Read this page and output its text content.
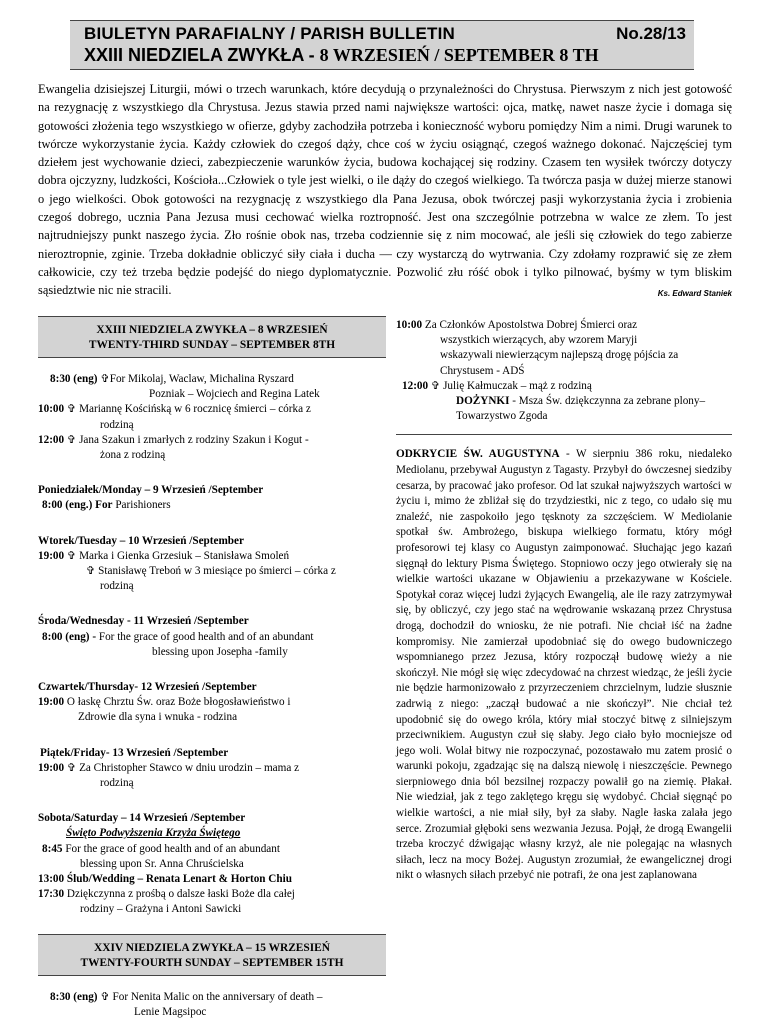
BIULETYN PARAFIALNY / PARISH BULLETIN	No.28/13
XXIII NIEDZIELA ZWYKŁA - 8 WRZESIEŃ / SEPTEMBER 8 TH
Ewangelia dzisiejszej Liturgii, mówi o trzech warunkach, które decydują o przynależności do Chrystusa. Pierwszym z nich jest gotowość na rezygnację z wszystkiego dla Chrystusa. Jezus stawia przed nami największe wartości: ojca, matkę, nawet nasze życie i domaga się gotowości złożenia tego wszystkiego w ofierze, gdyby zachodziła potrzeba i konieczność wyboru pomiędzy Nim a nimi. Drugi warunek to twórcze wykorzystanie życia. Każdy człowiek do czegoś dąży, chce coś w życiu osiągnąć, czegoś ważnego dokonać. Najczęściej tym dziełem jest wychowanie dzieci, zabezpieczenie warunków życia, budowa kochającej się rodziny. Czasem ten wysiłek twórczy dotyczy dobra ojczyzny, ludzkości, Kościoła...Człowiek o tyle jest wielki, o ile dąży do czegoś wielkiego. Ta twórcza pasja w dużej mierze stanowi o jego wielkości. Obok gotowości na rezygnację z wszystkiego dla Pana Jezusa, obok twórczej pasji wykorzystania życia i zrobienia czegoś dobrego, ucznia Pana Jezusa musi cechować wielka roztropność. Jest ona szczególnie potrzebna w walce ze złem. To jest najtrudniejszy punkt naszego życia. Zło rośnie obok nas, trzeba codziennie się z nim mocować, ale jeśli się człowiek do tego zabierze nieroztropnie, zginie. Trzeba dokładnie obliczyć siły ciała i ducha — czy wystarczą do wytrwania. Czy zdołamy rozprawić się ze złem całkowicie, czy też trzeba będzie podejść do niego dyplomatycznie. Pozwolić złu róść obok i tylko pilnować, byśmy w tym bliskim sąsiedztwie nic nie stracili.	Ks. Edward Staniek
XXIII NIEDZIELA ZWYKŁA – 8 WRZESIEŃ
TWENTY-THIRD SUNDAY – SEPTEMBER 8TH
8:30 (eng) ✞For Mikolaj, Waclaw, Michalina Ryszard
Pozniak – Wojciech and Regina Latek
10:00 ✞ Mariannę Kościńską w 6 rocznicę śmierci – córka z
rodziną
12:00 ✞ Jana Szakun i zmarłych z rodziny Szakun i Kogut -
żona z rodziną
Poniedziałek/Monday – 9 Wrzesień /September
8:00 (eng.) For Parishioners
Wtorek/Tuesday – 10 Wrzesień /September
19:00 ✞ Marka i Gienka Grzesiuk – Stanisława Smoleń
✞ Stanisławę Treboń w 3 miesiące po śmierci – córka z
rodziną
Środa/Wednesday - 11 Wrzesień /September
8:00 (eng) - For the grace of good health and of an abundant
blessing upon Josepha -family
Czwartek/Thursday- 12 Wrzesień /September
19:00 O łaskę Chrztu Św. oraz Boże błogosławieństwo i
Zdrowie dla syna i wnuka - rodzina
Piątek/Friday- 13 Wrzesień /September
19:00 ✞ Za Christopher Stawco w dniu urodzin – mama z
rodziną
Sobota/Saturday – 14 Wrzesień /September
Święto Podwyższenia Krzyża Świętego
8:45 For the grace of good health and of an abundant
blessing upon Sr. Anna Chruścielska
13:00 Ślub/Wedding – Renata Lenart & Horton Chiu
17:30 Dziękczynna z prośbą o dalsze łaski Boże dla całej
rodziny – Grażyna i Antoni Sawicki
XXIV NIEDZIELA ZWYKŁA – 15 WRZESIEŃ
TWENTY-FOURTH SUNDAY – SEPTEMBER 15TH
8:30 (eng) ✞ For Nenita Malic on the anniversary of death –
Lenie Magsipoc
10:00 Za Członków Apostolstwa Dobrej Śmierci oraz
wszystkich wierzących, aby wzorem Maryji
wskazywali niewierzącym najlepszą drogę pójścia za
Chrystusem - ADŚ
12:00 ✞ Julię Kałmuczak – mąż z rodziną
DOŻYNKI - Msza Św. dziękczynna za zebrane plony–
Towarzystwo Zgoda
ODKRYCIE ŚW. AUGUSTYNA - W sierpniu 386 roku, niedaleko Mediolanu, przebywał Augustyn z Tagasty. Przybył do ówczesnej siedziby cesarza, by pracować jako profesor. Od lat szukał najwyższych wartości w życiu i, mimo że zbliżał się do trzydziestki, nic z tego, co udało się mu znaleźć, nie zaspokoiło jego tęsknoty za szczęściem. W Mediolanie spotkał św. Ambrożego, biskupa wielkiego formatu, który mógł profesorowi tej klasy co Augustyn zaimponować. Słuchając jego kazań sięgnął do lektury Pisma Świętego. Stopniowo oczy jego otwierały się na wielkie wartości ukazane w Objawieniu a przekazywane w Kościele. Spotykał coraz więcej ludzi żyjących Ewangelią, ale ile razy zatrzymywał się, by obliczyć, czy jego stać na wędrowanie wskazaną przez Chrystusa drogą, dochodził do wniosku, że nie potrafi. Nie chciał iść na żadne kompromisy. Nie zamierzał upodobniać się do owego budowniczego wspomnianego przez Jezusa, który rozpoczął budowę wieży a nie skończył. Nie mógł się więc zdecydować na chrzest wiedząc, że jeśli życie nie będzie harmonizowało z przyrzeczeniem chrzcielnym, ludzie słusznie zadrwią z niego: „zaczął budować a nie skończył”. Nie chciał też upodobnić się do owego króla, który miał stoczyć bitwę z silniejszym przeciwnikiem. Augustyn czuł się słaby. Jego ciało było mocniejsze od jego woli. Wolał bitwy nie rozpoczynać, pozostawało mu zatem prosić o warunki pokoju, zgadzając się na dalszą niewolę i nieszczęście. Pewnego sierpniowego dnia ból bezsilnej rozpaczy powalił go na ziemię. Płakał. Nie wiedział, jak z tego zaklętego kręgu się wydobyć. Chciał sięgnąć po wielkie wartości, a nie miał siły, był za słaby. Nagle łaska zalała jego serce. Zrozumiał głęboki sens wezwania Jezusa. Pojął, że drogą Ewangelii trzeba kroczyć dźwigając własny krzyż, ale nie polegając na własnych siłach, lecz na mocy Bożej. Augustyn zrozumiał, że ewangelicznej drogi nikt o własnych siłach przebyć nie potrafi, że ona jest zaplanowana
